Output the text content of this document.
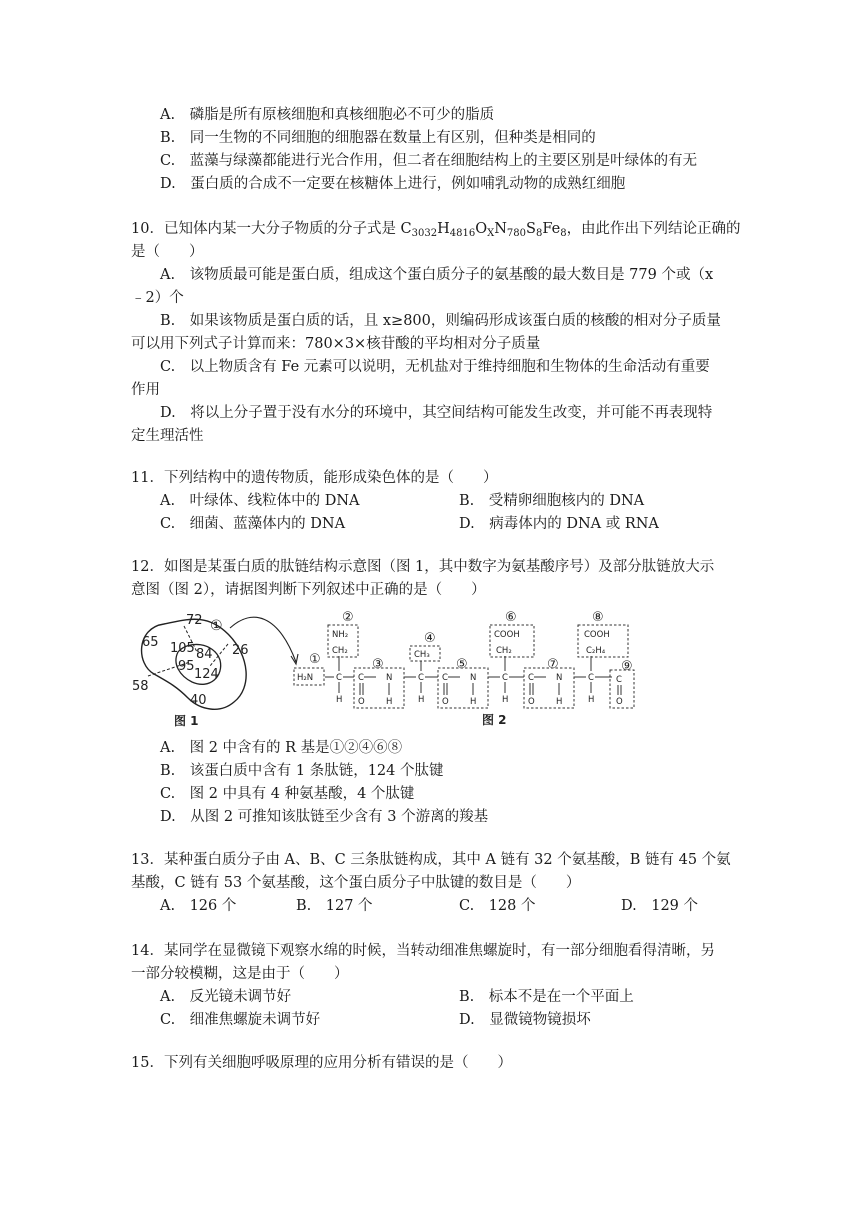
A.　磷脂是所有原核细胞和真核细胞必不可少的脂质
B.　同一生物的不同细胞的细胞器在数量上有区别，但种类是相同的
C.　蓝藻与绿藻都能进行光合作用，但二者在细胞结构上的主要区别是叶绿体的有无
D.　蛋白质的合成不一定要在核糖体上进行，例如哺乳动物的成熟红细胞
10．已知体内某一大分子物质的分子式是 $C_{3032}H_{4816}O_XN_{780}S_8Fe_8$，由此作出下列结论正确的
是（　　）
A.　该物质最可能是蛋白质，组成这个蛋白质分子的氨基酸的最大数目是 779 个或（x
﹣2）个
B.　如果该物质是蛋白质的话，且 x≥800，则编码形成该蛋白质的核酸的相对分子质量
可以用下列式子计算而来：780×3×核苷酸的平均相对分子质量
C.　以上物质含有 Fe 元素可以说明，无机盐对于维持细胞和生物体的生命活动有重要
作用
D.　将以上分子置于没有水分的环境中，其空间结构可能发生改变，并可能不再表现特
定生理活性
11．下列结构中的遗传物质，能形成染色体的是（　　）
A.　叶绿体、线粒体中的 DNA	B.　受精卵细胞核内的 DNA
C.　细菌、蓝藻体内的 DNA	D.　病毒体内的 DNA 或 RNA
12．如图是某蛋白质的肽链结构示意图（图 1，其中数字为氨基酸序号）及部分肽链放大示
意图（图 2），请据图判断下列叙述中正确的是（　　）
72 ①
65 105 84 26
95
124
58
40
图 1
①
②
③
④
⑤
⑥
⑦
⑧
⑨
H₂N	C
H
NH₂
CH₂
C	N
O	H
C
H
CH₃
C	N
O	H
C
H
COOH
CH₂
C	N
O	H
C
H
COOH
C₂H₄
C
O
图 2
A.　图 2 中含有的 R 基是①②④⑥⑧
B.　该蛋白质中含有 1 条肽链，124 个肽键
C.　图 2 中具有 4 种氨基酸，4 个肽键
D.　从图 2 可推知该肽链至少含有 3 个游离的羧基
13．某种蛋白质分子由 A、B、C 三条肽链构成，其中 A 链有 32 个氨基酸，B 链有 45 个氨
基酸，C 链有 53 个氨基酸，这个蛋白质分子中肽键的数目是（　　）
A.　126 个	B.　127 个	C.　128 个	D.　129 个
14．某同学在显微镜下观察水绵的时候，当转动细准焦螺旋时，有一部分细胞看得清晰，另
一部分较模糊，这是由于（　　）
A.　反光镜未调节好	B.　标本不是在一个平面上
C.　细准焦螺旋未调节好	D.　显微镜物镜损坏
15．下列有关细胞呼吸原理的应用分析有错误的是（　　）
